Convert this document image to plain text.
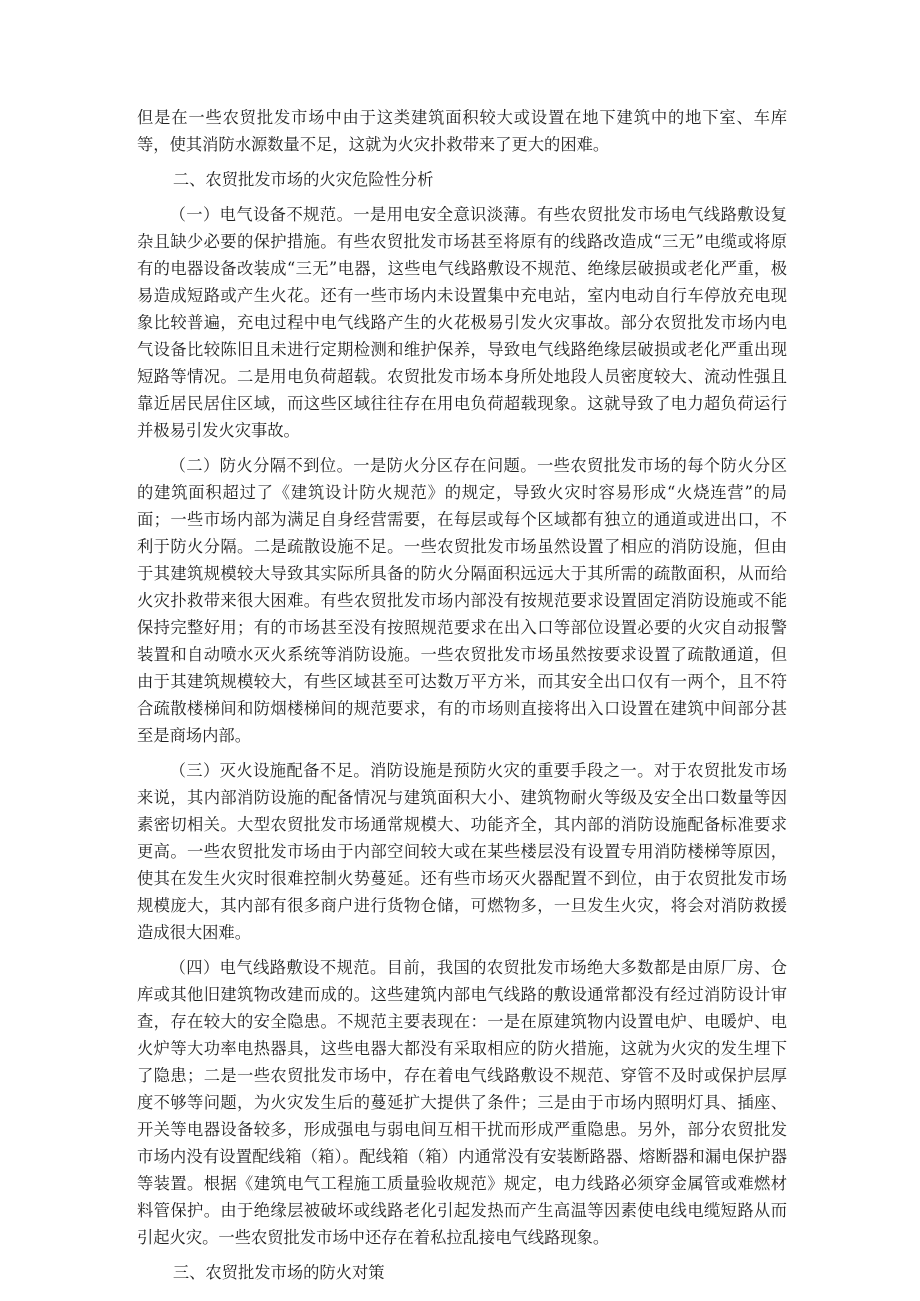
但是在一些农贸批发市场中由于这类建筑面积较大或设置在地下建筑中的地下室、车库等，使其消防水源数量不足，这就为火灾扑救带来了更大的困难。

二、农贸批发市场的火灾危险性分析

（一）电气设备不规范。一是用电安全意识淡薄。有些农贸批发市场电气线路敷设复杂且缺少必要的保护措施。有些农贸批发市场甚至将原有的线路改造成“三无”电缆或将原有的电器设备改装成“三无”电器，这些电气线路敷设不规范、绝缘层破损或老化严重，极易造成短路或产生火花。还有一些市场内未设置集中充电站，室内电动自行车停放充电现象比较普遍，充电过程中电气线路产生的火花极易引发火灾事故。部分农贸批发市场内电气设备比较陈旧且未进行定期检测和维护保养，导致电气线路绝缘层破损或老化严重出现短路等情况。二是用电负荷超载。农贸批发市场本身所处地段人员密度较大、流动性强且靠近居民居住区域，而这些区域往往存在用电负荷超载现象。这就导致了电力超负荷运行并极易引发火灾事故。

（二）防火分隔不到位。一是防火分区存在问题。一些农贸批发市场的每个防火分区的建筑面积超过了《建筑设计防火规范》的规定，导致火灾时容易形成“火烧连营”的局面；一些市场内部为满足自身经营需要，在每层或每个区域都有独立的通道或进出口，不利于防火分隔。二是疏散设施不足。一些农贸批发市场虽然设置了相应的消防设施，但由于其建筑规模较大导致其实际所具备的防火分隔面积远远大于其所需的疏散面积，从而给火灾扑救带来很大困难。有些农贸批发市场内部没有按规范要求设置固定消防设施或不能保持完整好用；有的市场甚至没有按照规范要求在出入口等部位设置必要的火灾自动报警装置和自动喷水灭火系统等消防设施。一些农贸批发市场虽然按要求设置了疏散通道，但由于其建筑规模较大，有些区域甚至可达数万平方米，而其安全出口仅有一两个，且不符合疏散楼梯间和防烟楼梯间的规范要求，有的市场则直接将出入口设置在建筑中间部分甚至是商场内部。

（三）灭火设施配备不足。消防设施是预防火灾的重要手段之一。对于农贸批发市场来说，其内部消防设施的配备情况与建筑面积大小、建筑物耐火等级及安全出口数量等因素密切相关。大型农贸批发市场通常规模大、功能齐全，其内部的消防设施配备标准要求更高。一些农贸批发市场由于内部空间较大或在某些楼层没有设置专用消防楼梯等原因，使其在发生火灾时很难控制火势蔓延。还有些市场灭火器配置不到位，由于农贸批发市场规模庞大，其内部有很多商户进行货物仓储，可燃物多，一旦发生火灾，将会对消防救援造成很大困难。

（四）电气线路敷设不规范。目前，我国的农贸批发市场绝大多数都是由原厂房、仓库或其他旧建筑物改建而成的。这些建筑内部电气线路的敷设通常都没有经过消防设计审查，存在较大的安全隐患。不规范主要表现在：一是在原建筑物内设置电炉、电暖炉、电火炉等大功率电热器具，这些电器大都没有采取相应的防火措施，这就为火灾的发生埋下了隐患；二是一些农贸批发市场中，存在着电气线路敷设不规范、穿管不及时或保护层厚度不够等问题，为火灾发生后的蔓延扩大提供了条件；三是由于市场内照明灯具、插座、开关等电器设备较多，形成强电与弱电间互相干扰而形成严重隐患。另外，部分农贸批发市场内没有设置配线箱（箱）。配线箱（箱）内通常没有安装断路器、熔断器和漏电保护器等装置。根据《建筑电气工程施工质量验收规范》规定，电力线路必须穿金属管或难燃材料管保护。由于绝缘层被破坏或线路老化引起发热而产生高温等因素使电线电缆短路从而引起火灾。一些农贸批发市场中还存在着私拉乱接电气线路现象。

三、农贸批发市场的防火对策
